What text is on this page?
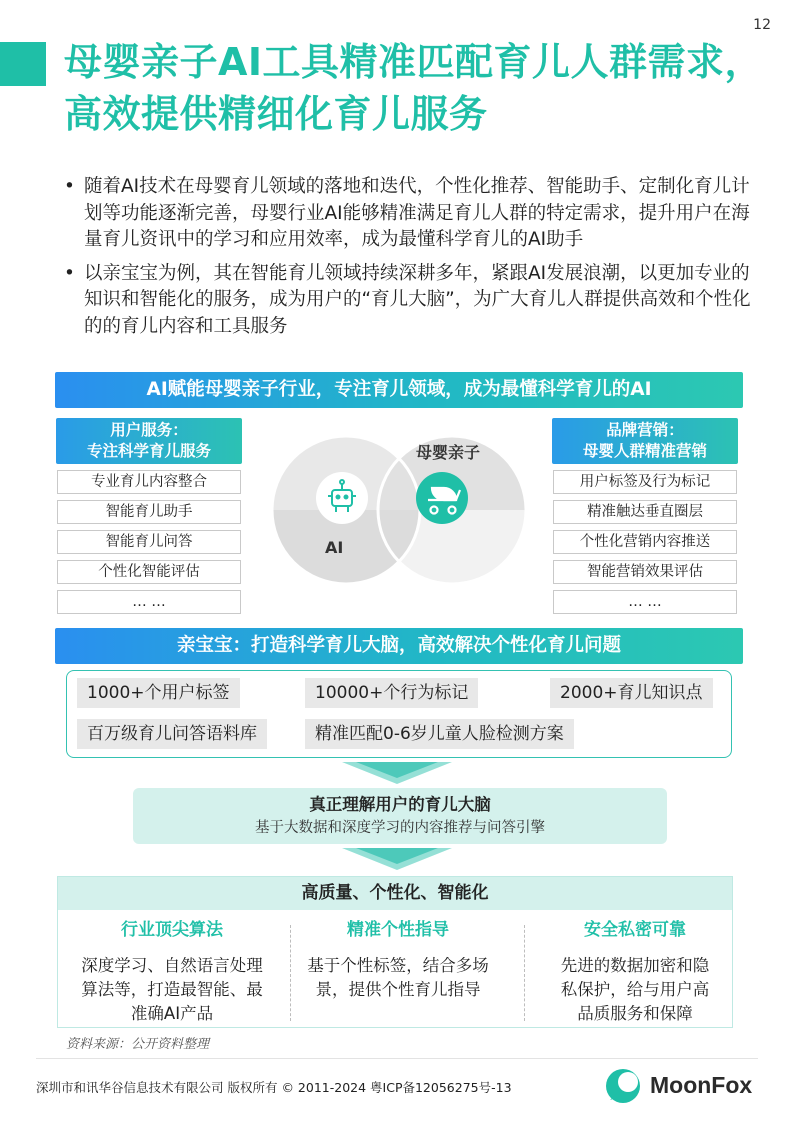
12
母婴亲子AI工具精准匹配育儿人群需求，高效提供精细化育儿服务
• 随着AI技术在母婴育儿领域的落地和迭代，个性化推荐、智能助手、定制化育儿计划等功能逐渐完善，母婴行业AI能够精准满足育儿人群的特定需求，提升用户在海量育儿资讯中的学习和应用效率，成为最懂科学育儿的AI助手
• 以亲宝宝为例，其在智能育儿领域持续深耕多年，紧跟AI发展浪潮，以更加专业的知识和智能化的服务，成为用户的“育儿大脑”，为广大育儿人群提供高效和个性化的的育儿内容和工具服务
AI赋能母婴亲子行业，专注育儿领域，成为最懂科学育儿的AI
用户服务：
专注科学育儿服务
专业育儿内容整合
智能育儿助手
智能育儿问答
个性化智能评估
… …
AI
母婴亲子
品牌营销：
母婴人群精准营销
用户标签及行为标记
精准触达垂直圈层
个性化营销内容推送
智能营销效果评估
… …
亲宝宝：打造科学育儿大脑，高效解决个性化育儿问题
1000+个用户标签	10000+个行为标记	2000+育儿知识点
百万级育儿问答语料库	精准匹配0-6岁儿童人脸检测方案
真正理解用户的育儿大脑
基于大数据和深度学习的内容推荐与问答引擎
高质量、个性化、智能化
行业顶尖算法
深度学习、自然语言处理
算法等，打造最智能、最
准确AI产品
精准个性指导
基于个性标签，结合多场
景，提供个性育儿指导
安全私密可靠
先进的数据加密和隐
私保护，给与用户高
品质服务和保障
资料来源：公开资料整理
深圳市和讯华谷信息技术有限公司 版权所有 © 2011-2024 粤ICP备12056275号-13	MoonFox
